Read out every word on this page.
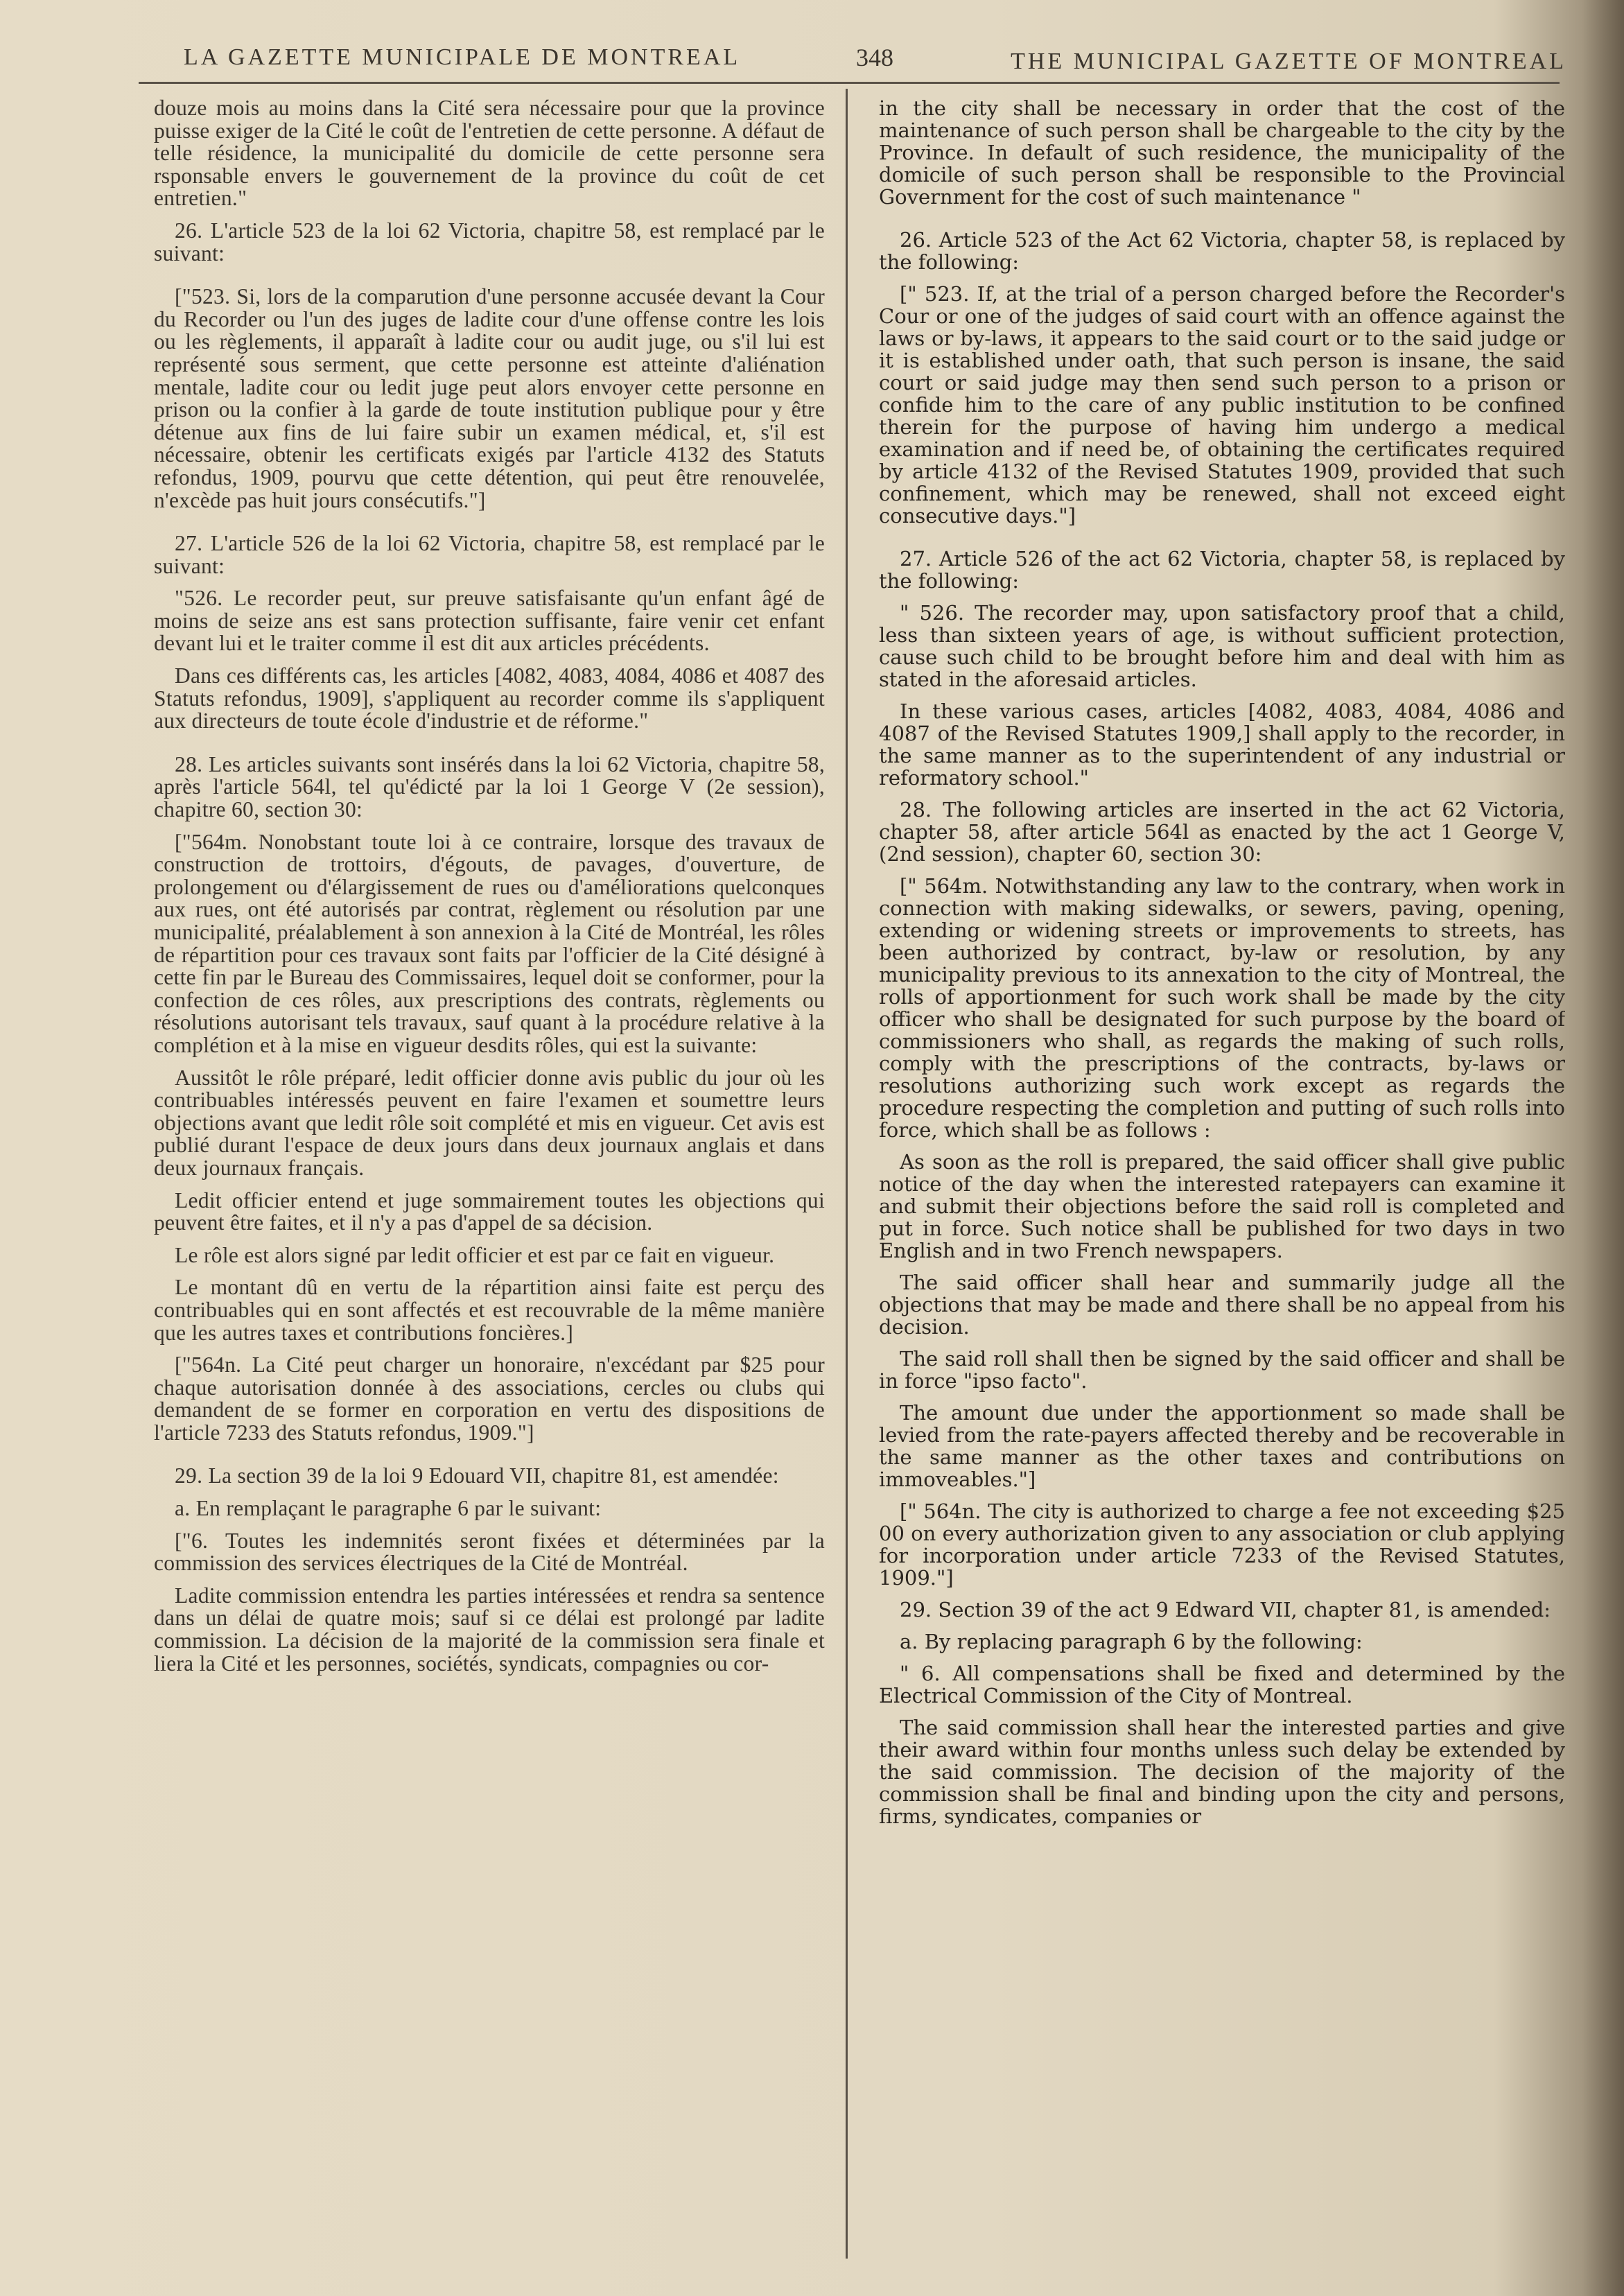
LA GAZETTE MUNICIPALE DE MONTREAL	348	THE MUNICIPAL GAZETTE OF MONTREAL

douze mois au moins dans la Cité sera nécessaire pour que la province puisse exiger de la Cité le coût de l'entretien de cette personne. A défaut de telle résidence, la municipalité du domicile de cette personne sera rsponsable envers le gouvernement de la province du coût de cet entretien."

26. L'article 523 de la loi 62 Victoria, chapitre 58, est remplacé par le suivant:

["523. Si, lors de la comparution d'une personne accusée devant la Cour du Recorder ou l'un des juges de ladite cour d'une offense contre les lois ou les règlements, il apparaît à ladite cour ou audit juge, ou s'il lui est représenté sous serment, que cette personne est atteinte d'aliénation mentale, ladite cour ou ledit juge peut alors envoyer cette personne en prison ou la confier à la garde de toute institution publique pour y être détenue aux fins de lui faire subir un examen médical, et, s'il est nécessaire, obtenir les certificats exigés par l'article 4132 des Statuts refondus, 1909, pourvu que cette détention, qui peut être renouvelée, n'excède pas huit jours consécutifs."]

27. L'article 526 de la loi 62 Victoria, chapitre 58, est remplacé par le suivant:

"526. Le recorder peut, sur preuve satisfaisante qu'un enfant âgé de moins de seize ans est sans protection suffisante, faire venir cet enfant devant lui et le traiter comme il est dit aux articles précédents.

Dans ces différents cas, les articles [4082, 4083, 4084, 4086 et 4087 des Statuts refondus, 1909], s'appliquent au recorder comme ils s'appliquent aux directeurs de toute école d'industrie et de réforme."

28. Les articles suivants sont insérés dans la loi 62 Victoria, chapitre 58, après l'article 564l, tel qu'édicté par la loi 1 George V (2e session), chapitre 60, section 30:

["564m. Nonobstant toute loi à ce contraire, lorsque des travaux de construction de trottoirs, d'égouts, de pavages, d'ouverture, de prolongement ou d'élargissement de rues ou d'améliorations quelconques aux rues, ont été autorisés par contrat, règlement ou résolution par une municipalité, préalablement à son annexion à la Cité de Montréal, les rôles de répartition pour ces travaux sont faits par l'officier de la Cité désigné à cette fin par le Bureau des Commissaires, lequel doit se conformer, pour la confection de ces rôles, aux prescriptions des contrats, règlements ou résolutions autorisant tels travaux, sauf quant à la procédure relative à la complétion et à la mise en vigueur desdits rôles, qui est la suivante:

Aussitôt le rôle préparé, ledit officier donne avis public du jour où les contribuables intéressés peuvent en faire l'examen et soumettre leurs objections avant que ledit rôle soit complété et mis en vigueur. Cet avis est publié durant l'espace de deux jours dans deux journaux anglais et dans deux journaux français.

Ledit officier entend et juge sommairement toutes les objections qui peuvent être faites, et il n'y a pas d'appel de sa décision.

Le rôle est alors signé par ledit officier et est par ce fait en vigueur.

Le montant dû en vertu de la répartition ainsi faite est perçu des contribuables qui en sont affectés et est recouvrable de la même manière que les autres taxes et contributions foncières.]

["564n. La Cité peut charger un honoraire, n'excédant par $25 pour chaque autorisation donnée à des associations, cercles ou clubs qui demandent de se former en corporation en vertu des dispositions de l'article 7233 des Statuts refondus, 1909."]

29. La section 39 de la loi 9 Edouard VII, chapitre 81, est amendée:

a. En remplaçant le paragraphe 6 par le suivant:

["6. Toutes les indemnités seront fixées et déterminées par la commission des services électriques de la Cité de Montréal.

Ladite commission entendra les parties intéressées et rendra sa sentence dans un délai de quatre mois; sauf si ce délai est prolongé par ladite commission. La décision de la majorité de la commission sera finale et liera la Cité et les personnes, sociétés, syndicats, compagnies ou cor-

in the city shall be necessary in order that the cost of the maintenance of such person shall be chargeable to the city by the Province. In default of such residence, the municipality of the domicile of such person shall be responsible to the Provincial Government for the cost of such maintenance "

26. Article 523 of the Act 62 Victoria, chapter 58, is replaced by the following:

[" 523. If, at the trial of a person charged before the Recorder's Cour or one of the judges of said court with an offence against the laws or by-laws, it appears to the said court or to the said judge or it is established under oath, that such person is insane, the said court or said judge may then send such person to a prison or confide him to the care of any public institution to be confined therein for the purpose of having him undergo a medical examination and if need be, of obtaining the certificates required by article 4132 of the Revised Statutes 1909, provided that such confinement, which may be renewed, shall not exceed eight consecutive days."]

27. Article 526 of the act 62 Victoria, chapter 58, is replaced by the following:

" 526. The recorder may, upon satisfactory proof that a child, less than sixteen years of age, is without sufficient protection, cause such child to be brought before him and deal with him as stated in the aforesaid articles.

In these various cases, articles [4082, 4083, 4084, 4086 and 4087 of the Revised Statutes 1909,] shall apply to the recorder, in the same manner as to the superintendent of any industrial or reformatory school."

28. The following articles are inserted in the act 62 Victoria, chapter 58, after article 564l as enacted by the act 1 George V, (2nd session), chapter 60, section 30:

[" 564m. Notwithstanding any law to the contrary, when work in connection with making sidewalks, or sewers, paving, opening, extending or widening streets or improvements to streets, has been authorized by contract, by-law or resolution, by any municipality previous to its annexation to the city of Montreal, the rolls of apportionment for such work shall be made by the city officer who shall be designated for such purpose by the board of commissioners who shall, as regards the making of such rolls, comply with the prescriptions of the contracts, by-laws or resolutions authorizing such work except as regards the procedure respecting the completion and putting of such rolls into force, which shall be as follows :

As soon as the roll is prepared, the said officer shall give public notice of the day when the interested ratepayers can examine it and submit their objections before the said roll is completed and put in force. Such notice shall be published for two days in two English and in two French newspapers.

The said officer shall hear and summarily judge all the objections that may be made and there shall be no appeal from his decision.

The said roll shall then be signed by the said officer and shall be in force "ipso facto".

The amount due under the apportionment so made shall be levied from the rate-payers affected thereby and be recoverable in the same manner as the other taxes and contributions on immoveables."]

[" 564n. The city is authorized to charge a fee not exceeding $25 00 on every authorization given to any association or club applying for incorporation under article 7233 of the Revised Statutes, 1909."]

29. Section 39 of the act 9 Edward VII, chapter 81, is amended:

a. By replacing paragraph 6 by the following:

" 6. All compensations shall be fixed and determined by the Electrical Commission of the City of Montreal.

The said commission shall hear the interested parties and give their award within four months unless such delay be extended by the said commission. The decision of the majority of the commission shall be final and binding upon the city and persons, firms, syndicates, companies or
